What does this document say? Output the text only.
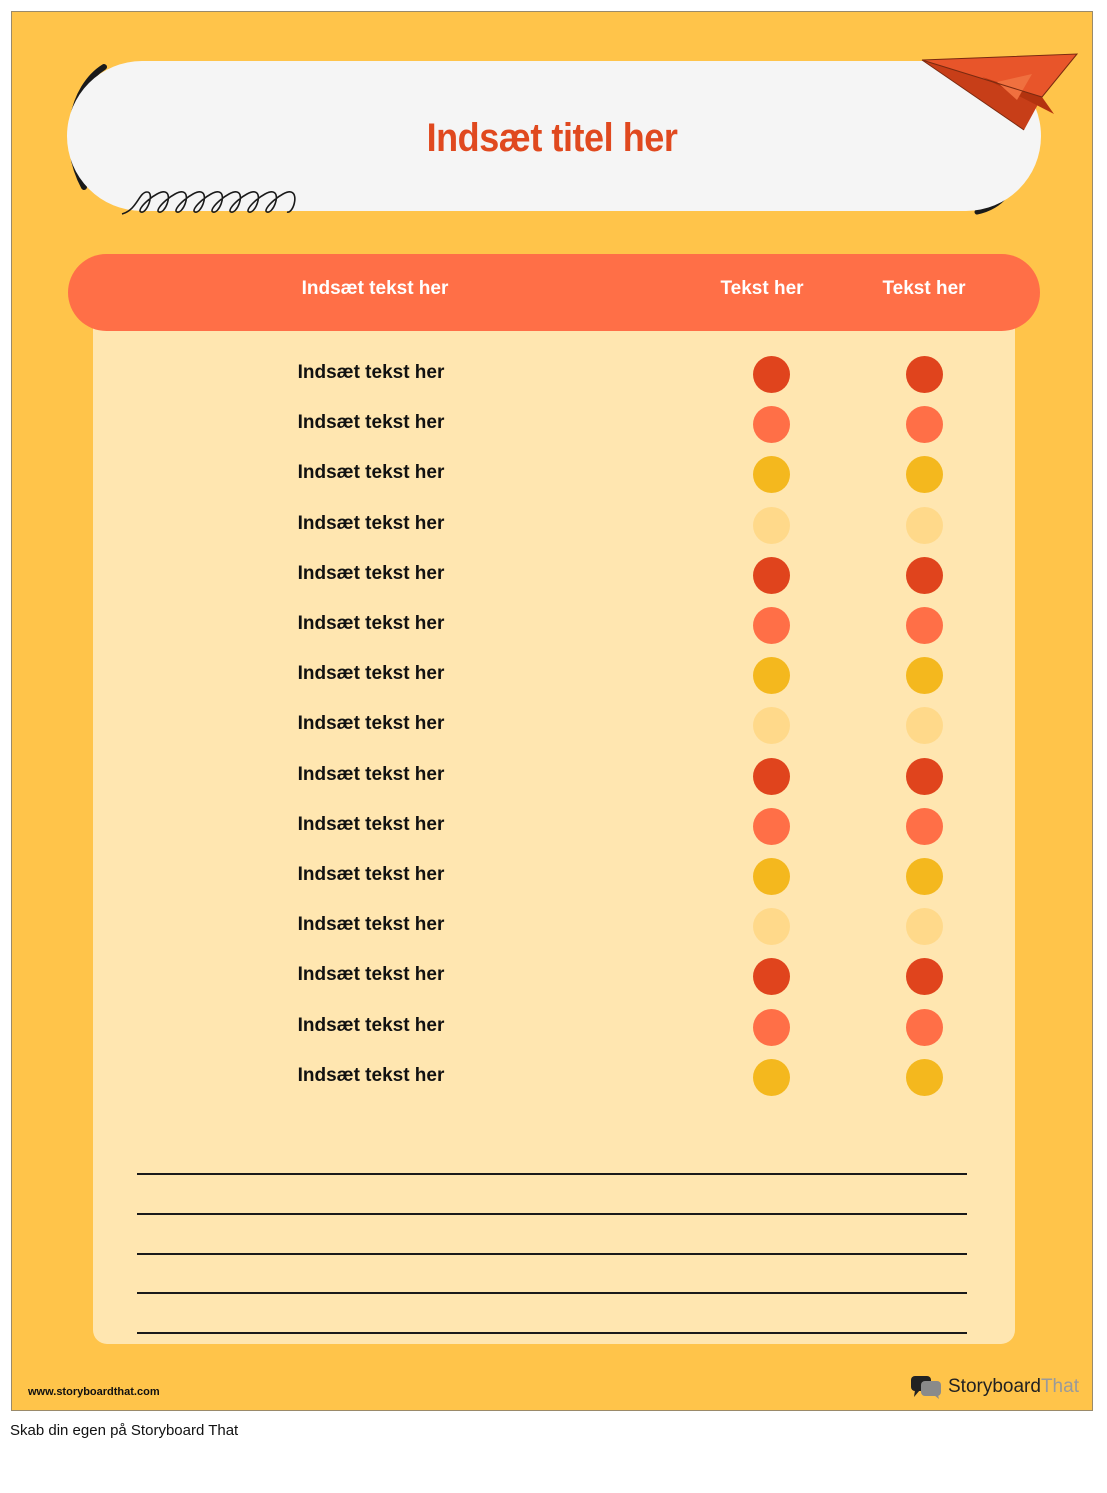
Indsæt titel her
Indsæt tekst her	Tekst her	Tekst her
Indsæt tekst her
Indsæt tekst her
Indsæt tekst her
Indsæt tekst her
Indsæt tekst her
Indsæt tekst her
Indsæt tekst her
Indsæt tekst her
Indsæt tekst her
Indsæt tekst her
Indsæt tekst her
Indsæt tekst her
Indsæt tekst her
Indsæt tekst her
Indsæt tekst her
www.storyboardthat.com	Storyboard That
Skab din egen på Storyboard That
